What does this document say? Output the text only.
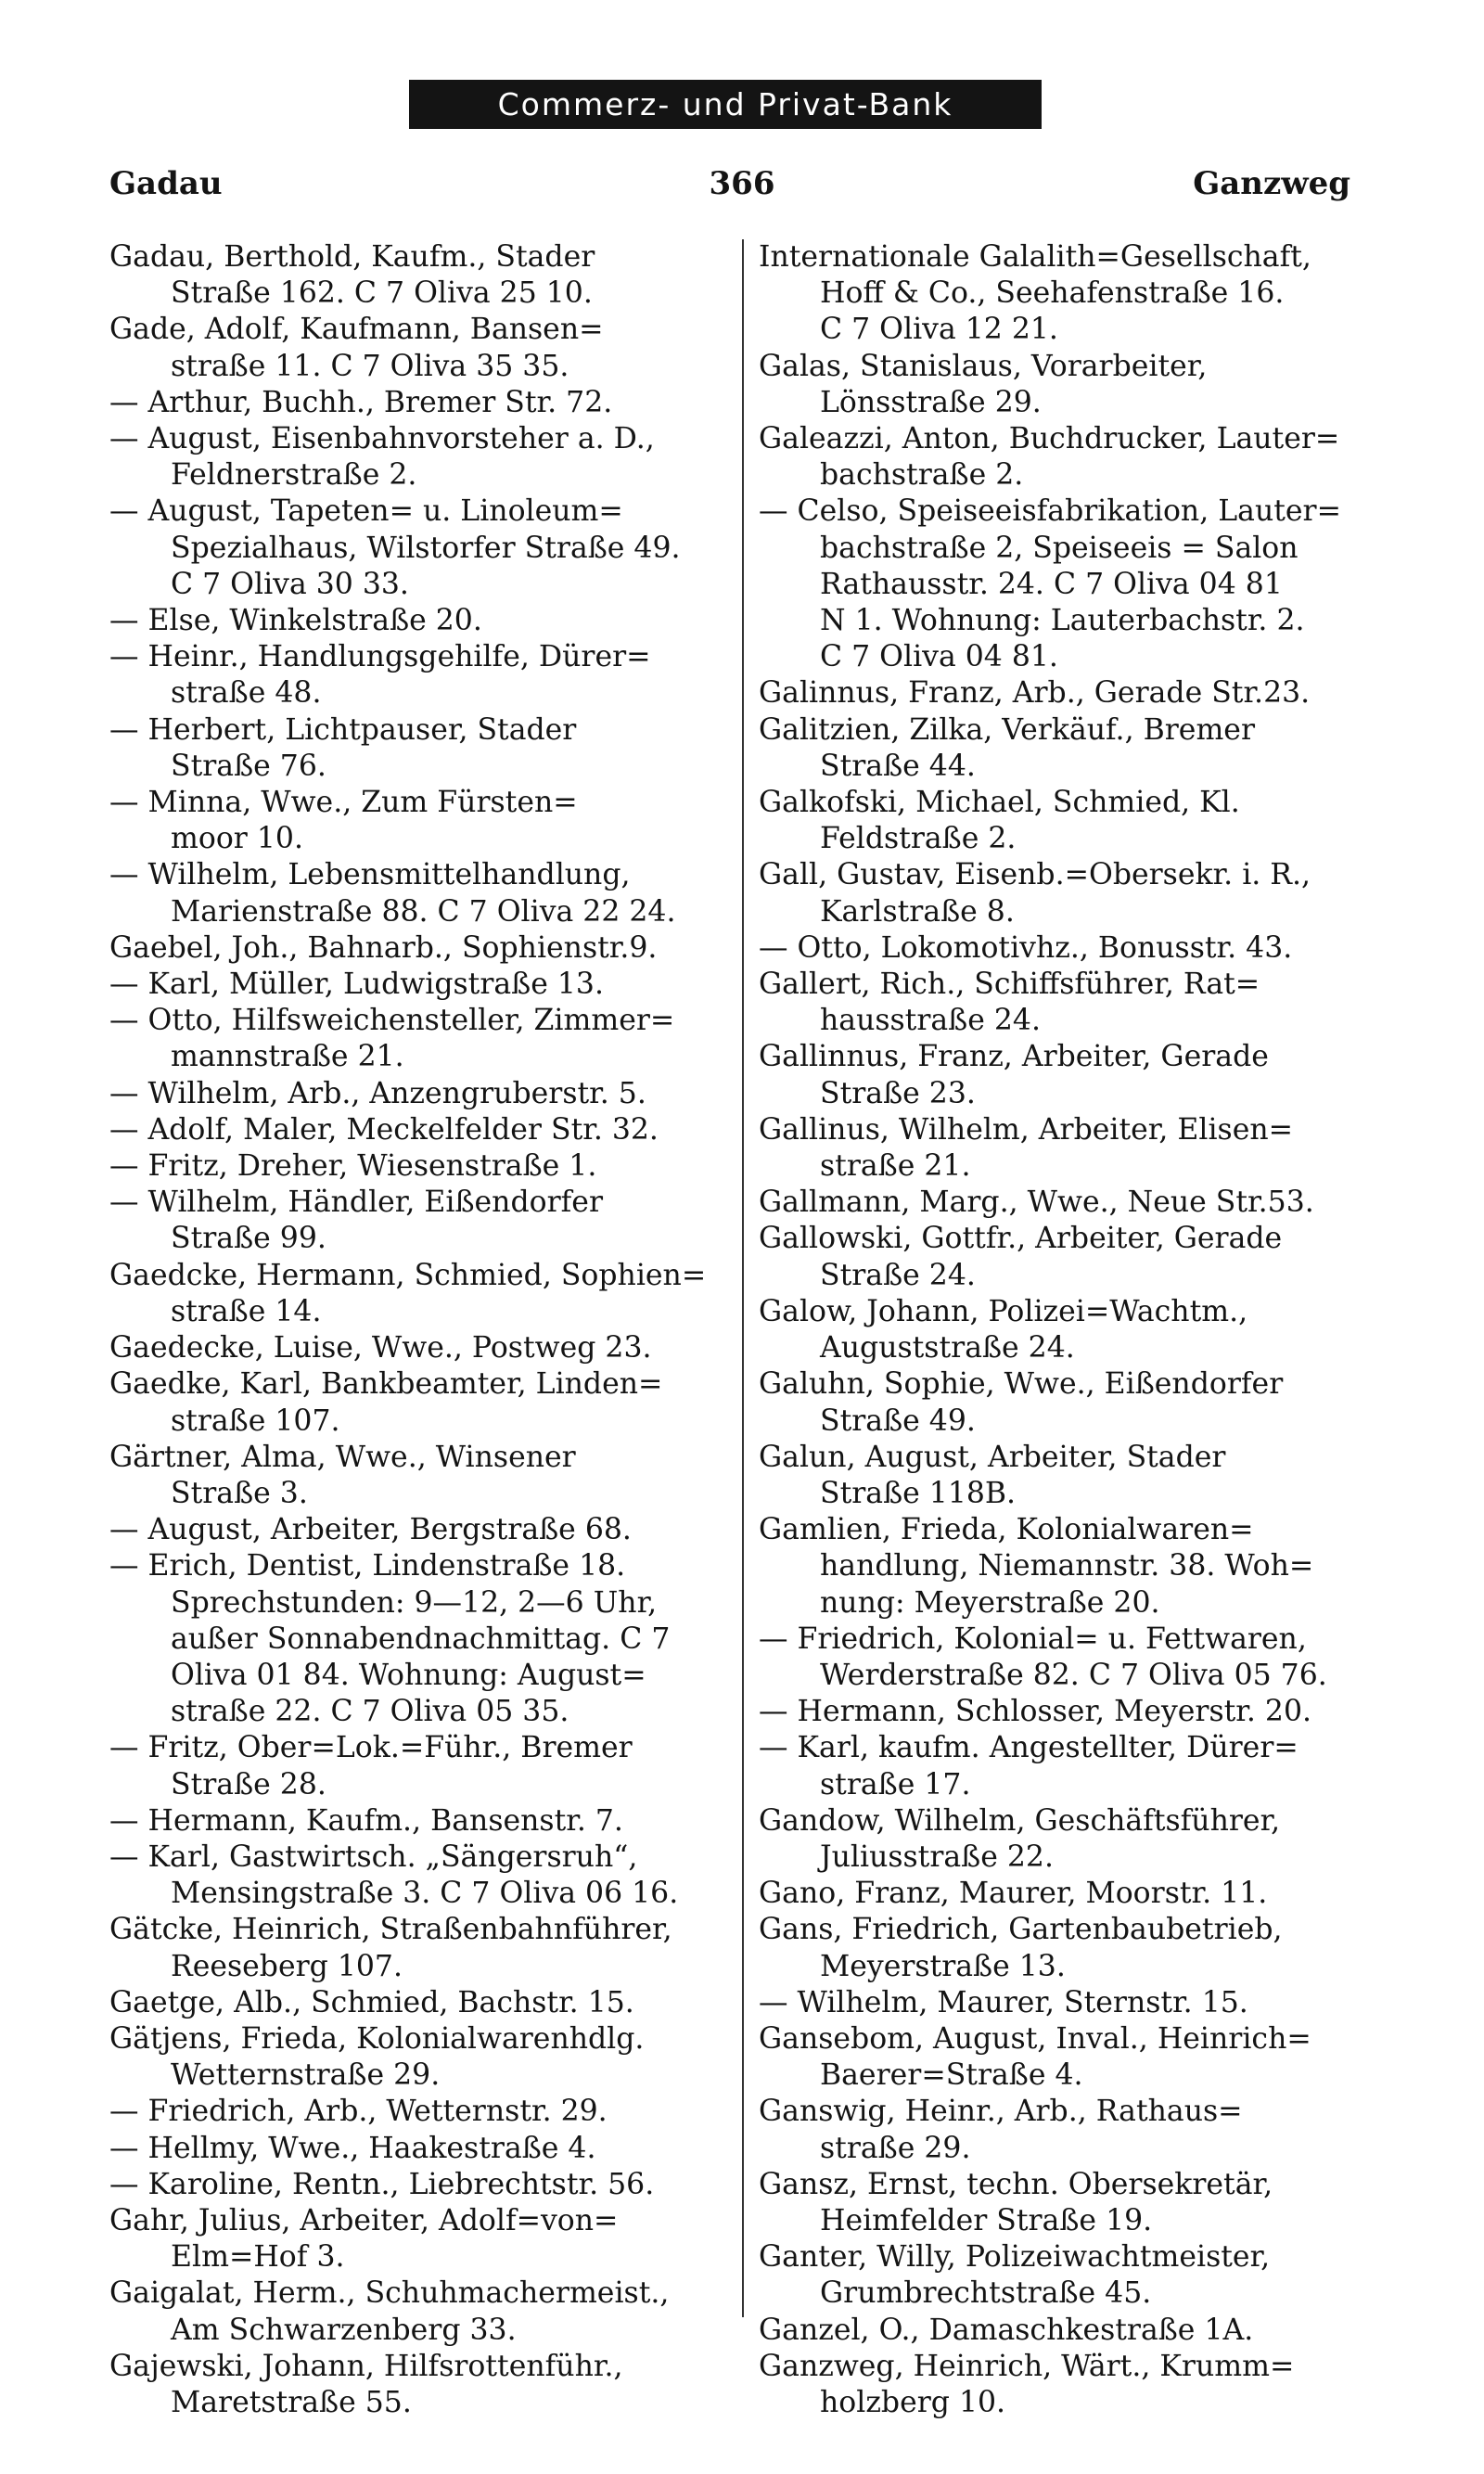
Commerz- und Privat-Bank
Gadau	366	Ganzweg
Gadau, Berthold, Kaufm., Stader
Straße 162. C 7 Oliva 25 10.
Gade, Adolf, Kaufmann, Bansen=
straße 11. C 7 Oliva 35 35.
— Arthur, Buchh., Bremer Str. 72.
— August, Eisenbahnvorsteher a. D.,
Feldnerstraße 2.
— August, Tapeten= u. Linoleum=
Spezialhaus, Wilstorfer Straße 49.
C 7 Oliva 30 33.
— Else, Winkelstraße 20.
— Heinr., Handlungsgehilfe, Dürer=
straße 48.
— Herbert, Lichtpauser, Stader
Straße 76.
— Minna, Wwe., Zum Fürsten=
moor 10.
— Wilhelm, Lebensmittelhandlung,
Marienstraße 88. C 7 Oliva 22 24.
Gaebel, Joh., Bahnarb., Sophienstr.9.
— Karl, Müller, Ludwigstraße 13.
— Otto, Hilfsweichensteller, Zimmer=
mannstraße 21.
— Wilhelm, Arb., Anzengruberstr. 5.
— Adolf, Maler, Meckelfelder Str. 32.
— Fritz, Dreher, Wiesenstraße 1.
— Wilhelm, Händler, Eißendorfer
Straße 99.
Gaedcke, Hermann, Schmied, Sophien=
straße 14.
Gaedecke, Luise, Wwe., Postweg 23.
Gaedke, Karl, Bankbeamter, Linden=
straße 107.
Gärtner, Alma, Wwe., Winsener
Straße 3.
— August, Arbeiter, Bergstraße 68.
— Erich, Dentist, Lindenstraße 18.
Sprechstunden: 9—12, 2—6 Uhr,
außer Sonnabendnachmittag. C 7
Oliva 01 84. Wohnung: August=
straße 22. C 7 Oliva 05 35.
— Fritz, Ober=Lok.=Führ., Bremer
Straße 28.
— Hermann, Kaufm., Bansenstr. 7.
— Karl, Gastwirtsch. „Sängersruh“,
Mensingstraße 3. C 7 Oliva 06 16.
Gätcke, Heinrich, Straßenbahnführer,
Reeseberg 107.
Gaetge, Alb., Schmied, Bachstr. 15.
Gätjens, Frieda, Kolonialwarenhdlg.
Wetternstraße 29.
— Friedrich, Arb., Wetternstr. 29.
— Hellmy, Wwe., Haakestraße 4.
— Karoline, Rentn., Liebrechtstr. 56.
Gahr, Julius, Arbeiter, Adolf=von=
Elm=Hof 3.
Gaigalat, Herm., Schuhmachermeist.,
Am Schwarzenberg 33.
Gajewski, Johann, Hilfsrottenführ.,
Maretstraße 55.
Internationale Galalith=Gesellschaft,
Hoff & Co., Seehafenstraße 16.
C 7 Oliva 12 21.
Galas, Stanislaus, Vorarbeiter,
Lönsstraße 29.
Galeazzi, Anton, Buchdrucker, Lauter=
bachstraße 2.
— Celso, Speiseeisfabrikation, Lauter=
bachstraße 2, Speiseeis = Salon
Rathausstr. 24. C 7 Oliva 04 81
N 1. Wohnung: Lauterbachstr. 2.
C 7 Oliva 04 81.
Galinnus, Franz, Arb., Gerade Str.23.
Galitzien, Zilka, Verkäuf., Bremer
Straße 44.
Galkofski, Michael, Schmied, Kl.
Feldstraße 2.
Gall, Gustav, Eisenb.=Obersekr. i. R.,
Karlstraße 8.
— Otto, Lokomotivhz., Bonusstr. 43.
Gallert, Rich., Schiffsführer, Rat=
hausstraße 24.
Gallinnus, Franz, Arbeiter, Gerade
Straße 23.
Gallinus, Wilhelm, Arbeiter, Elisen=
straße 21.
Gallmann, Marg., Wwe., Neue Str.53.
Gallowski, Gottfr., Arbeiter, Gerade
Straße 24.
Galow, Johann, Polizei=Wachtm.,
Auguststraße 24.
Galuhn, Sophie, Wwe., Eißendorfer
Straße 49.
Galun, August, Arbeiter, Stader
Straße 118B.
Gamlien, Frieda, Kolonialwaren=
handlung, Niemannstr. 38. Woh=
nung: Meyerstraße 20.
— Friedrich, Kolonial= u. Fettwaren,
Werderstraße 82. C 7 Oliva 05 76.
— Hermann, Schlosser, Meyerstr. 20.
— Karl, kaufm. Angestellter, Dürer=
straße 17.
Gandow, Wilhelm, Geschäftsführer,
Juliusstraße 22.
Gano, Franz, Maurer, Moorstr. 11.
Gans, Friedrich, Gartenbaubetrieb,
Meyerstraße 13.
— Wilhelm, Maurer, Sternstr. 15.
Gansebom, August, Inval., Heinrich=
Baerer=Straße 4.
Ganswig, Heinr., Arb., Rathaus=
straße 29.
Gansz, Ernst, techn. Obersekretär,
Heimfelder Straße 19.
Ganter, Willy, Polizeiwachtmeister,
Grumbrechtstraße 45.
Ganzel, O., Damaschkestraße 1A.
Ganzweg, Heinrich, Wärt., Krumm=
holzberg 10.
